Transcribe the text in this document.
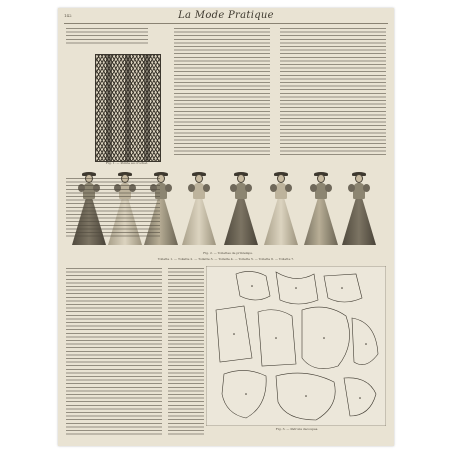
142	La Mode Pratique
Fig. 1. — Pointe au crochet.
Fig. 2. — Toilettes de printemps.
Toilette 1. — Toilette 2. — Toilette 3. — Toilette 4. — Toilette 5. — Toilette 6. — Toilette 7.
Fig. 3. — Patrons découpés.
